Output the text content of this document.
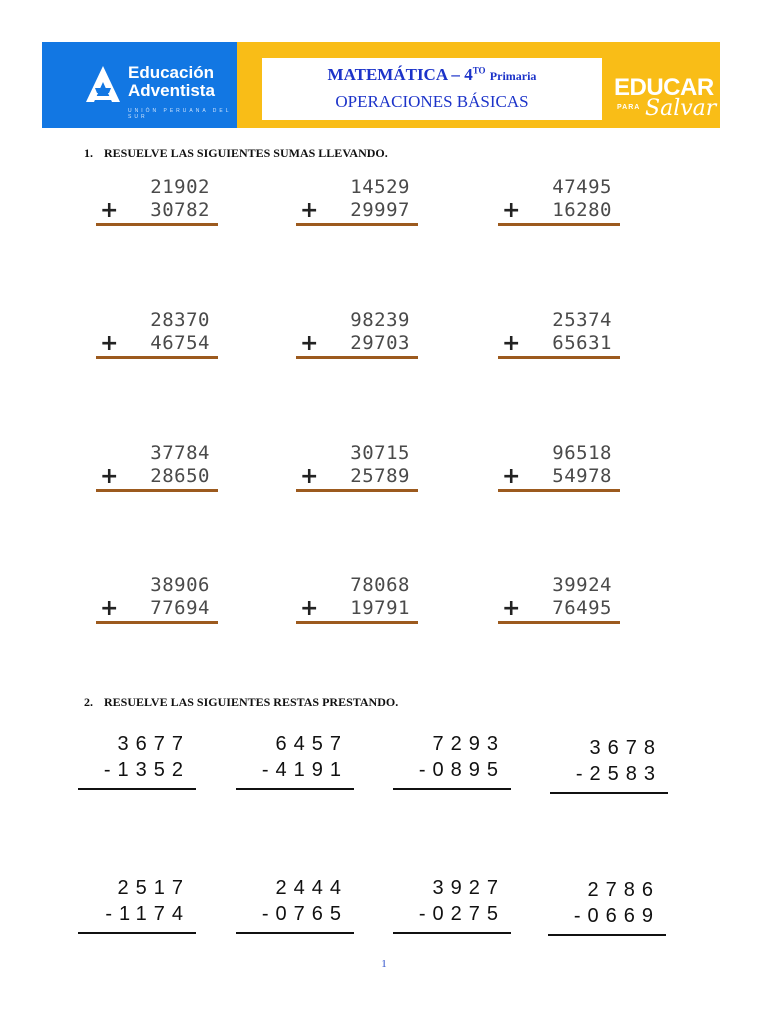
Educación
Adventista
UNIÓN PERUANA DEL SUR
MATEMÁTICA – $4^{TO}$ Primaria
OPERACIONES BÁSICAS
EDUCAR
PARA Salvar
1. RESUELVE LAS SIGUIENTES SUMAS LLEVANDO.
21902
+ 30782
14529
+ 29997
47495
+ 16280
28370
+ 46754
98239
+ 29703
25374
+ 65631
37784
+ 28650
30715
+ 25789
96518
+ 54978
38906
+ 77694
78068
+ 19791
39924
+ 76495
2. RESUELVE LAS SIGUIENTES RESTAS PRESTANDO.
3677
-1352
6457
-4191
7293
-0895
3678
-2583
2517
-1174
2444
-0765
3927
-0275
2786
-0669
1
